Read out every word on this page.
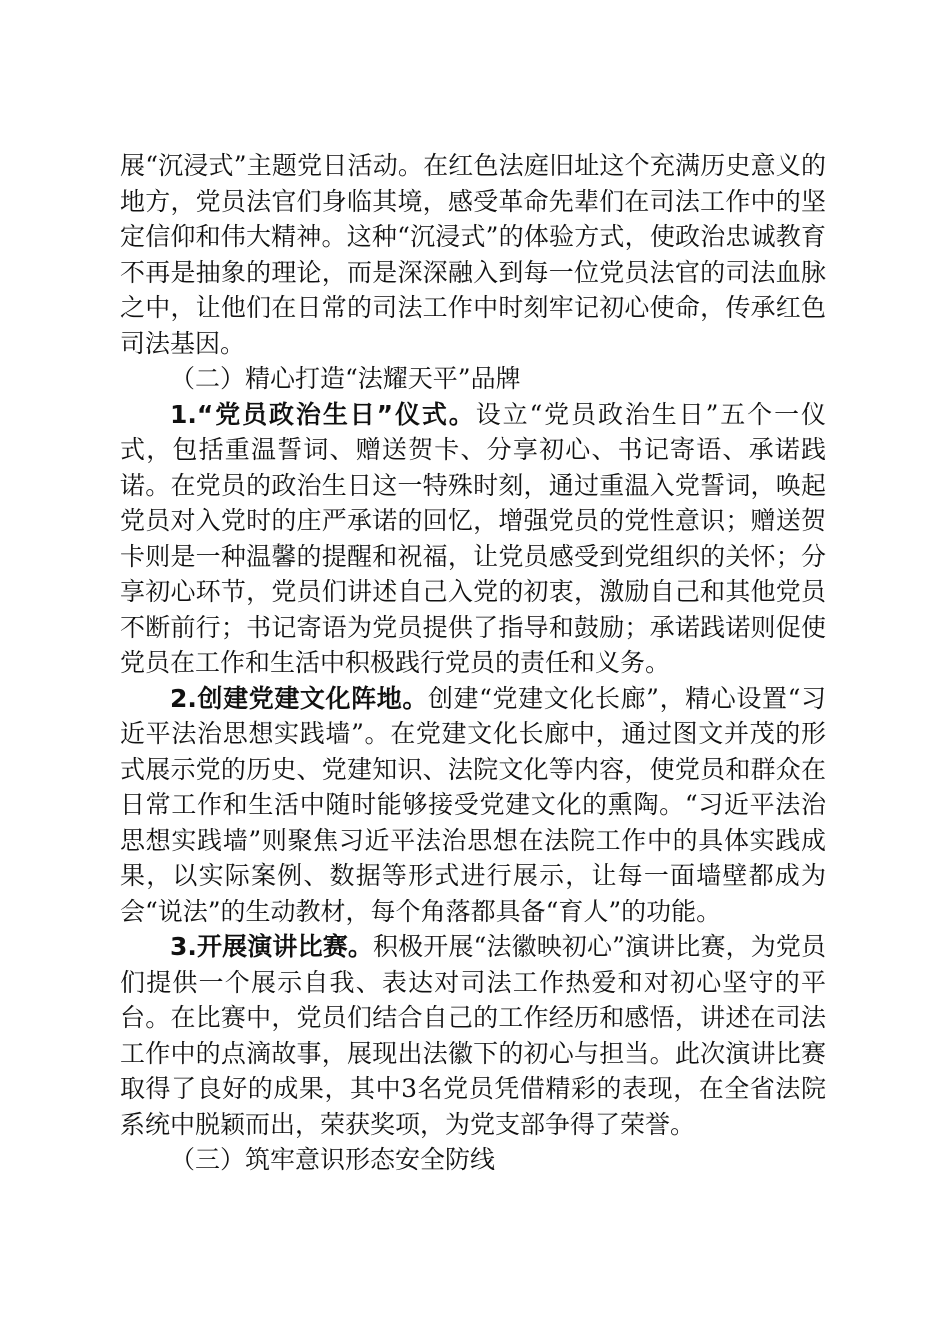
展“沉浸式”主题党日活动。在红色法庭旧址这个充满历史意义的地方，党员法官们身临其境，感受革命先辈们在司法工作中的坚定信仰和伟大精神。这种“沉浸式”的体验方式，使政治忠诚教育不再是抽象的理论，而是深深融入到每一位党员法官的司法血脉之中，让他们在日常的司法工作中时刻牢记初心使命，传承红色司法基因。

（二）精心打造“法耀天平”品牌

1.“党员政治生日”仪式。设立“党员政治生日”五个一仪式，包括重温誓词、赠送贺卡、分享初心、书记寄语、承诺践诺。在党员的政治生日这一特殊时刻，通过重温入党誓词，唤起党员对入党时的庄严承诺的回忆，增强党员的党性意识；赠送贺卡则是一种温馨的提醒和祝福，让党员感受到党组织的关怀；分享初心环节，党员们讲述自己入党的初衷，激励自己和其他党员不断前行；书记寄语为党员提供了指导和鼓励；承诺践诺则促使党员在工作和生活中积极践行党员的责任和义务。

2.创建党建文化阵地。创建“党建文化长廊”，精心设置“习近平法治思想实践墙”。在党建文化长廊中，通过图文并茂的形式展示党的历史、党建知识、法院文化等内容，使党员和群众在日常工作和生活中随时能够接受党建文化的熏陶。“习近平法治思想实践墙”则聚焦习近平法治思想在法院工作中的具体实践成果，以实际案例、数据等形式进行展示，让每一面墙壁都成为会“说法”的生动教材，每个角落都具备“育人”的功能。

3.开展演讲比赛。积极开展“法徽映初心”演讲比赛，为党员们提供一个展示自我、表达对司法工作热爱和对初心坚守的平台。在比赛中，党员们结合自己的工作经历和感悟，讲述在司法工作中的点滴故事，展现出法徽下的初心与担当。此次演讲比赛取得了良好的成果，其中3名党员凭借精彩的表现，在全省法院系统中脱颖而出，荣获奖项，为党支部争得了荣誉。

（三）筑牢意识形态安全防线
